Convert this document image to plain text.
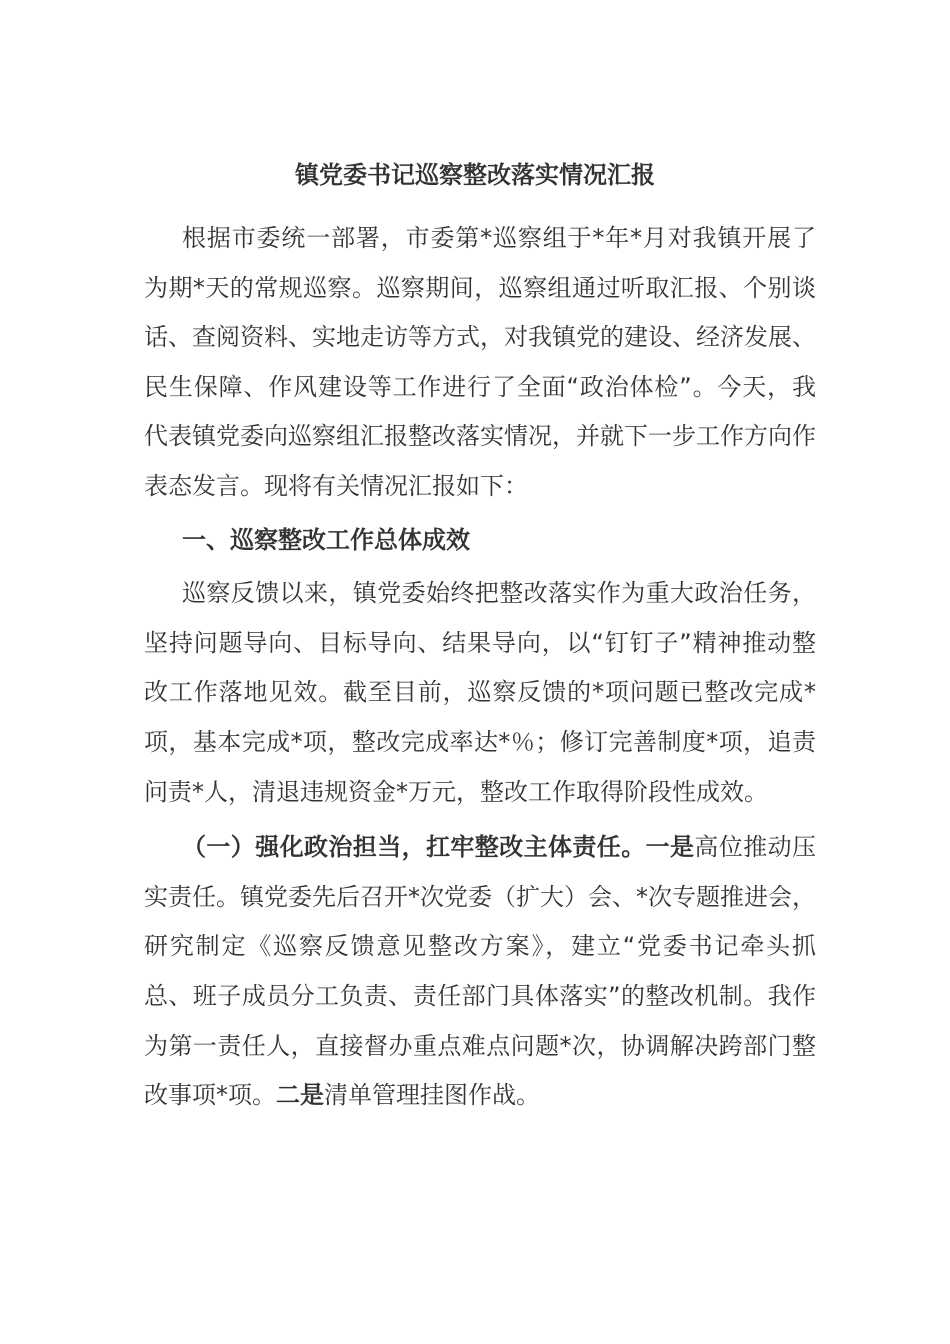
镇党委书记巡察整改落实情况汇报

根据市委统一部署，市委第*巡察组于*年*月对我镇开展了为期*天的常规巡察。巡察期间，巡察组通过听取汇报、个别谈话、查阅资料、实地走访等方式，对我镇党的建设、经济发展、民生保障、作风建设等工作进行了全面“政治体检”。今天，我代表镇党委向巡察组汇报整改落实情况，并就下一步工作方向作表态发言。现将有关情况汇报如下：

一、巡察整改工作总体成效

巡察反馈以来，镇党委始终把整改落实作为重大政治任务，坚持问题导向、目标导向、结果导向，以“钉钉子”精神推动整改工作落地见效。截至目前，巡察反馈的*项问题已整改完成*项，基本完成*项，整改完成率达*％；修订完善制度*项，追责问责*人，清退违规资金*万元，整改工作取得阶段性成效。

（一）强化政治担当，扛牢整改主体责任。一是高位推动压实责任。镇党委先后召开*次党委（扩大）会、*次专题推进会，研究制定《巡察反馈意见整改方案》，建立“党委书记牵头抓总、班子成员分工负责、责任部门具体落实”的整改机制。我作为第一责任人，直接督办重点难点问题*次，协调解决跨部门整改事项*项。二是清单管理挂图作战。
